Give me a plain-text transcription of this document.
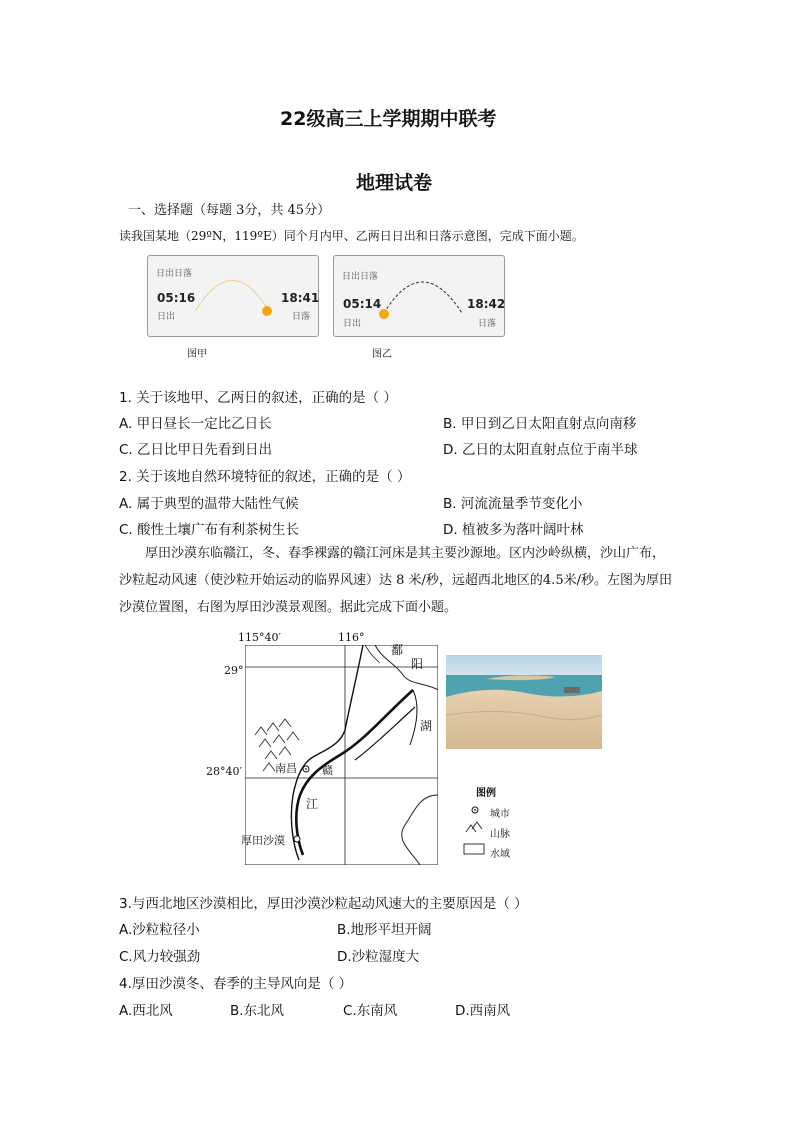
22级高三上学期期中联考
地理试卷
一、选择题（每题 3分，共 45分）
读我国某地（29ºN，119ºE）同个月内甲、乙两日日出和日落示意图，完成下面小题。
日出日落
05:16
日出
18:41
日落
图甲
日出日落
05:14
日出
18:42
日落
图乙
1. 关于该地甲、乙两日的叙述，正确的是（ ）
A. 甲日昼长一定比乙日长	B. 甲日到乙日太阳直射点向南移
C. 乙日比甲日先看到日出	D. 乙日的太阳直射点位于南半球
2. 关于该地自然环境特征的叙述，正确的是（ ）
A. 属于典型的温带大陆性气候	B. 河流流量季节变化小
C. 酸性土壤广布有利茶树生长	D. 植被多为落叶阔叶林
厚田沙漠东临赣江，冬、春季裸露的赣江河床是其主要沙源地。区内沙岭纵横，沙山广布，沙粒起动风速（使沙粒开始运动的临界风速）达 8 米/秒，远超西北地区的4.5米/秒。左图为厚田沙漠位置图，右图为厚田沙漠景观图。据此完成下面小题。
115°40′	116°
29°
28°40′
鄱
阳
湖
南昌 赣
江
厚田沙漠
图例
城市
山脉
水域
3.与西北地区沙漠相比，厚田沙漠沙粒起动风速大的主要原因是（ ）
A.沙粒粒径小	B.地形平坦开阔
C.风力较强劲	D.沙粒湿度大
4.厚田沙漠冬、春季的主导风向是（ ）
A.西北风	B.东北风	C.东南风	D.西南风
